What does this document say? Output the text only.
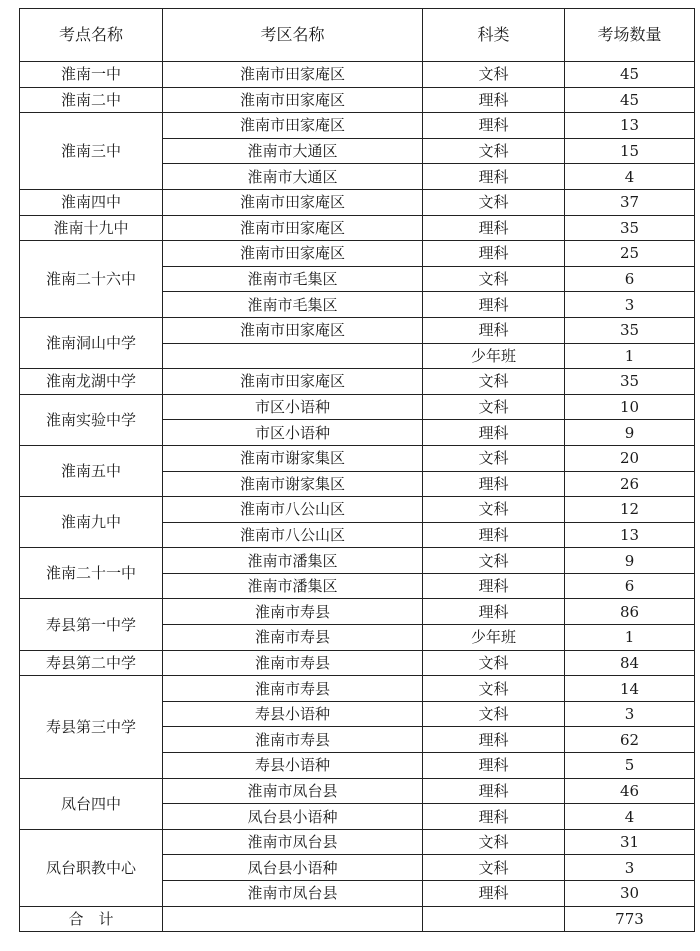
考点名称	考区名称	科类	考场数量
淮南一中	淮南市田家庵区	文科	45
淮南二中	淮南市田家庵区	理科	45
淮南三中	淮南市田家庵区	理科	13
	淮南市大通区	文科	15
	淮南市大通区	理科	4
淮南四中	淮南市田家庵区	文科	37
淮南十九中	淮南市田家庵区	理科	35
淮南二十六中	淮南市田家庵区	理科	25
	淮南市毛集区	文科	6
	淮南市毛集区	理科	3
淮南洞山中学	淮南市田家庵区	理科	35
		少年班	1
淮南龙湖中学	淮南市田家庵区	文科	35
淮南实验中学	市区小语种	文科	10
	市区小语种	理科	9
淮南五中	淮南市谢家集区	文科	20
	淮南市谢家集区	理科	26
淮南九中	淮南市八公山区	文科	12
	淮南市八公山区	理科	13
淮南二十一中	淮南市潘集区	文科	9
	淮南市潘集区	理科	6
寿县第一中学	淮南市寿县	理科	86
	淮南市寿县	少年班	1
寿县第二中学	淮南市寿县	文科	84
寿县第三中学	淮南市寿县	文科	14
	寿县小语种	文科	3
	淮南市寿县	理科	62
	寿县小语种	理科	5
凤台四中	淮南市凤台县	理科	46
	凤台县小语种	理科	4
凤台职教中心	淮南市凤台县	文科	31
	凤台县小语种	文科	3
	淮南市凤台县	理科	30
合　计			773
